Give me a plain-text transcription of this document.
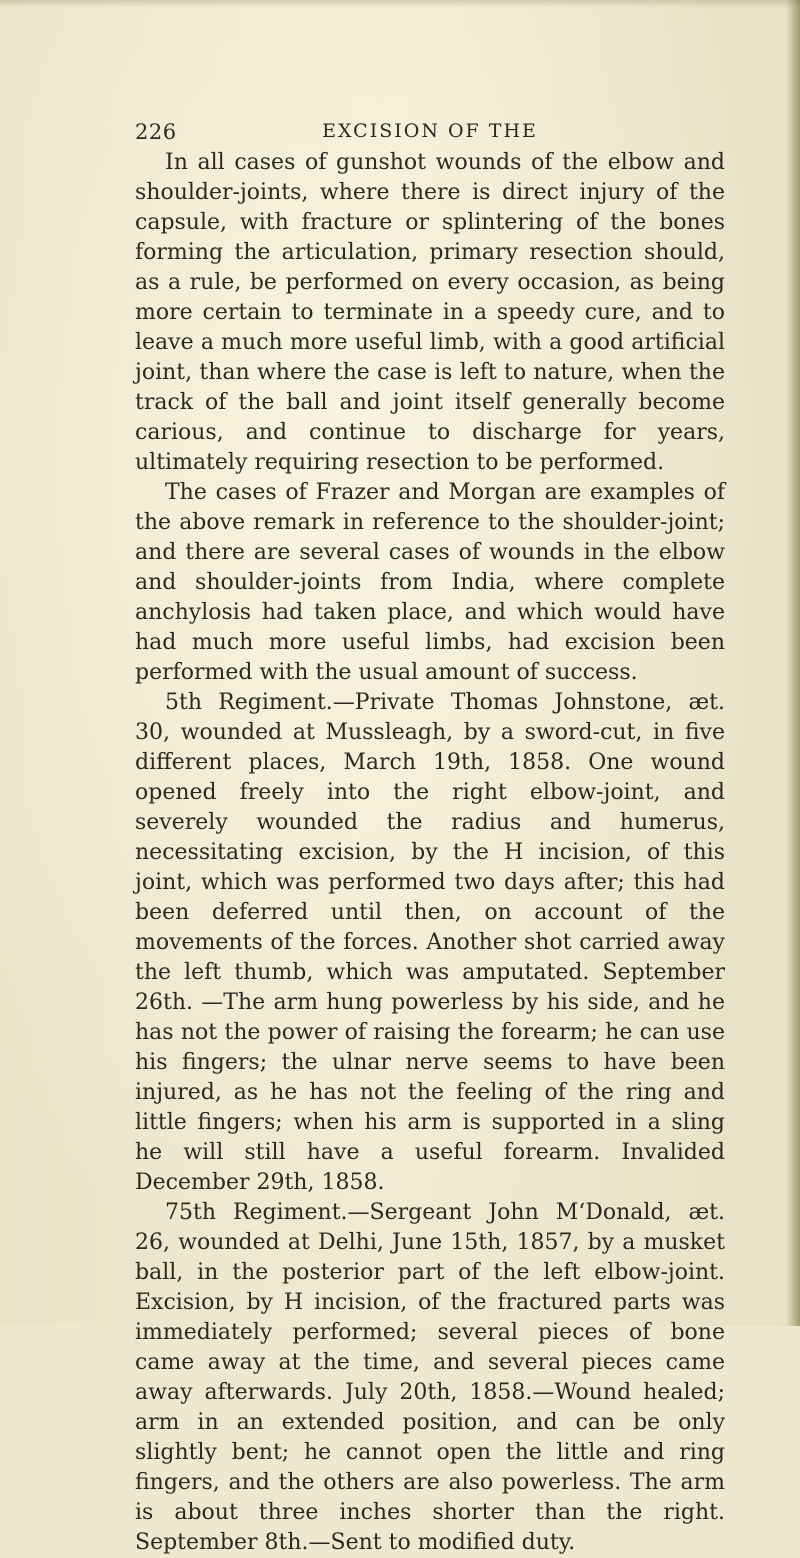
226	EXCISION OF THE

In all cases of gunshot wounds of the elbow and shoulder-joints, where there is direct injury of the capsule, with fracture or splintering of the bones forming the articulation, primary resection should, as a rule, be performed on every occasion, as being more certain to terminate in a speedy cure, and to leave a much more useful limb, with a good artificial joint, than where the case is left to nature, when the track of the ball and joint itself generally become carious, and continue to discharge for years, ultimately requiring resection to be performed.

The cases of Frazer and Morgan are examples of the above remark in reference to the shoulder-joint; and there are several cases of wounds in the elbow and shoulder-joints from India, where complete anchylosis had taken place, and which would have had much more useful limbs, had excision been performed with the usual amount of success.

5th Regiment.—Private Thomas Johnstone, æt. 30, wounded at Mussleagh, by a sword-cut, in five different places, March 19th, 1858. One wound opened freely into the right elbow-joint, and severely wounded the radius and humerus, necessitating excision, by the H incision, of this joint, which was performed two days after; this had been deferred until then, on account of the movements of the forces. Another shot carried away the left thumb, which was amputated. September 26th. —The arm hung powerless by his side, and he has not the power of raising the forearm; he can use his fingers; the ulnar nerve seems to have been injured, as he has not the feeling of the ring and little fingers; when his arm is supported in a sling he will still have a useful forearm. Invalided December 29th, 1858.

75th Regiment.—Sergeant John M‘Donald, æt. 26, wounded at Delhi, June 15th, 1857, by a musket ball, in the posterior part of the left elbow-joint. Excision, by H incision, of the fractured parts was immediately performed; several pieces of bone came away at the time, and several pieces came away afterwards. July 20th, 1858.—Wound healed; arm in an extended position, and can be only slightly bent; he cannot open the little and ring fingers, and the others are also powerless. The arm is about three inches shorter than the right. September 8th.—Sent to modified duty.
